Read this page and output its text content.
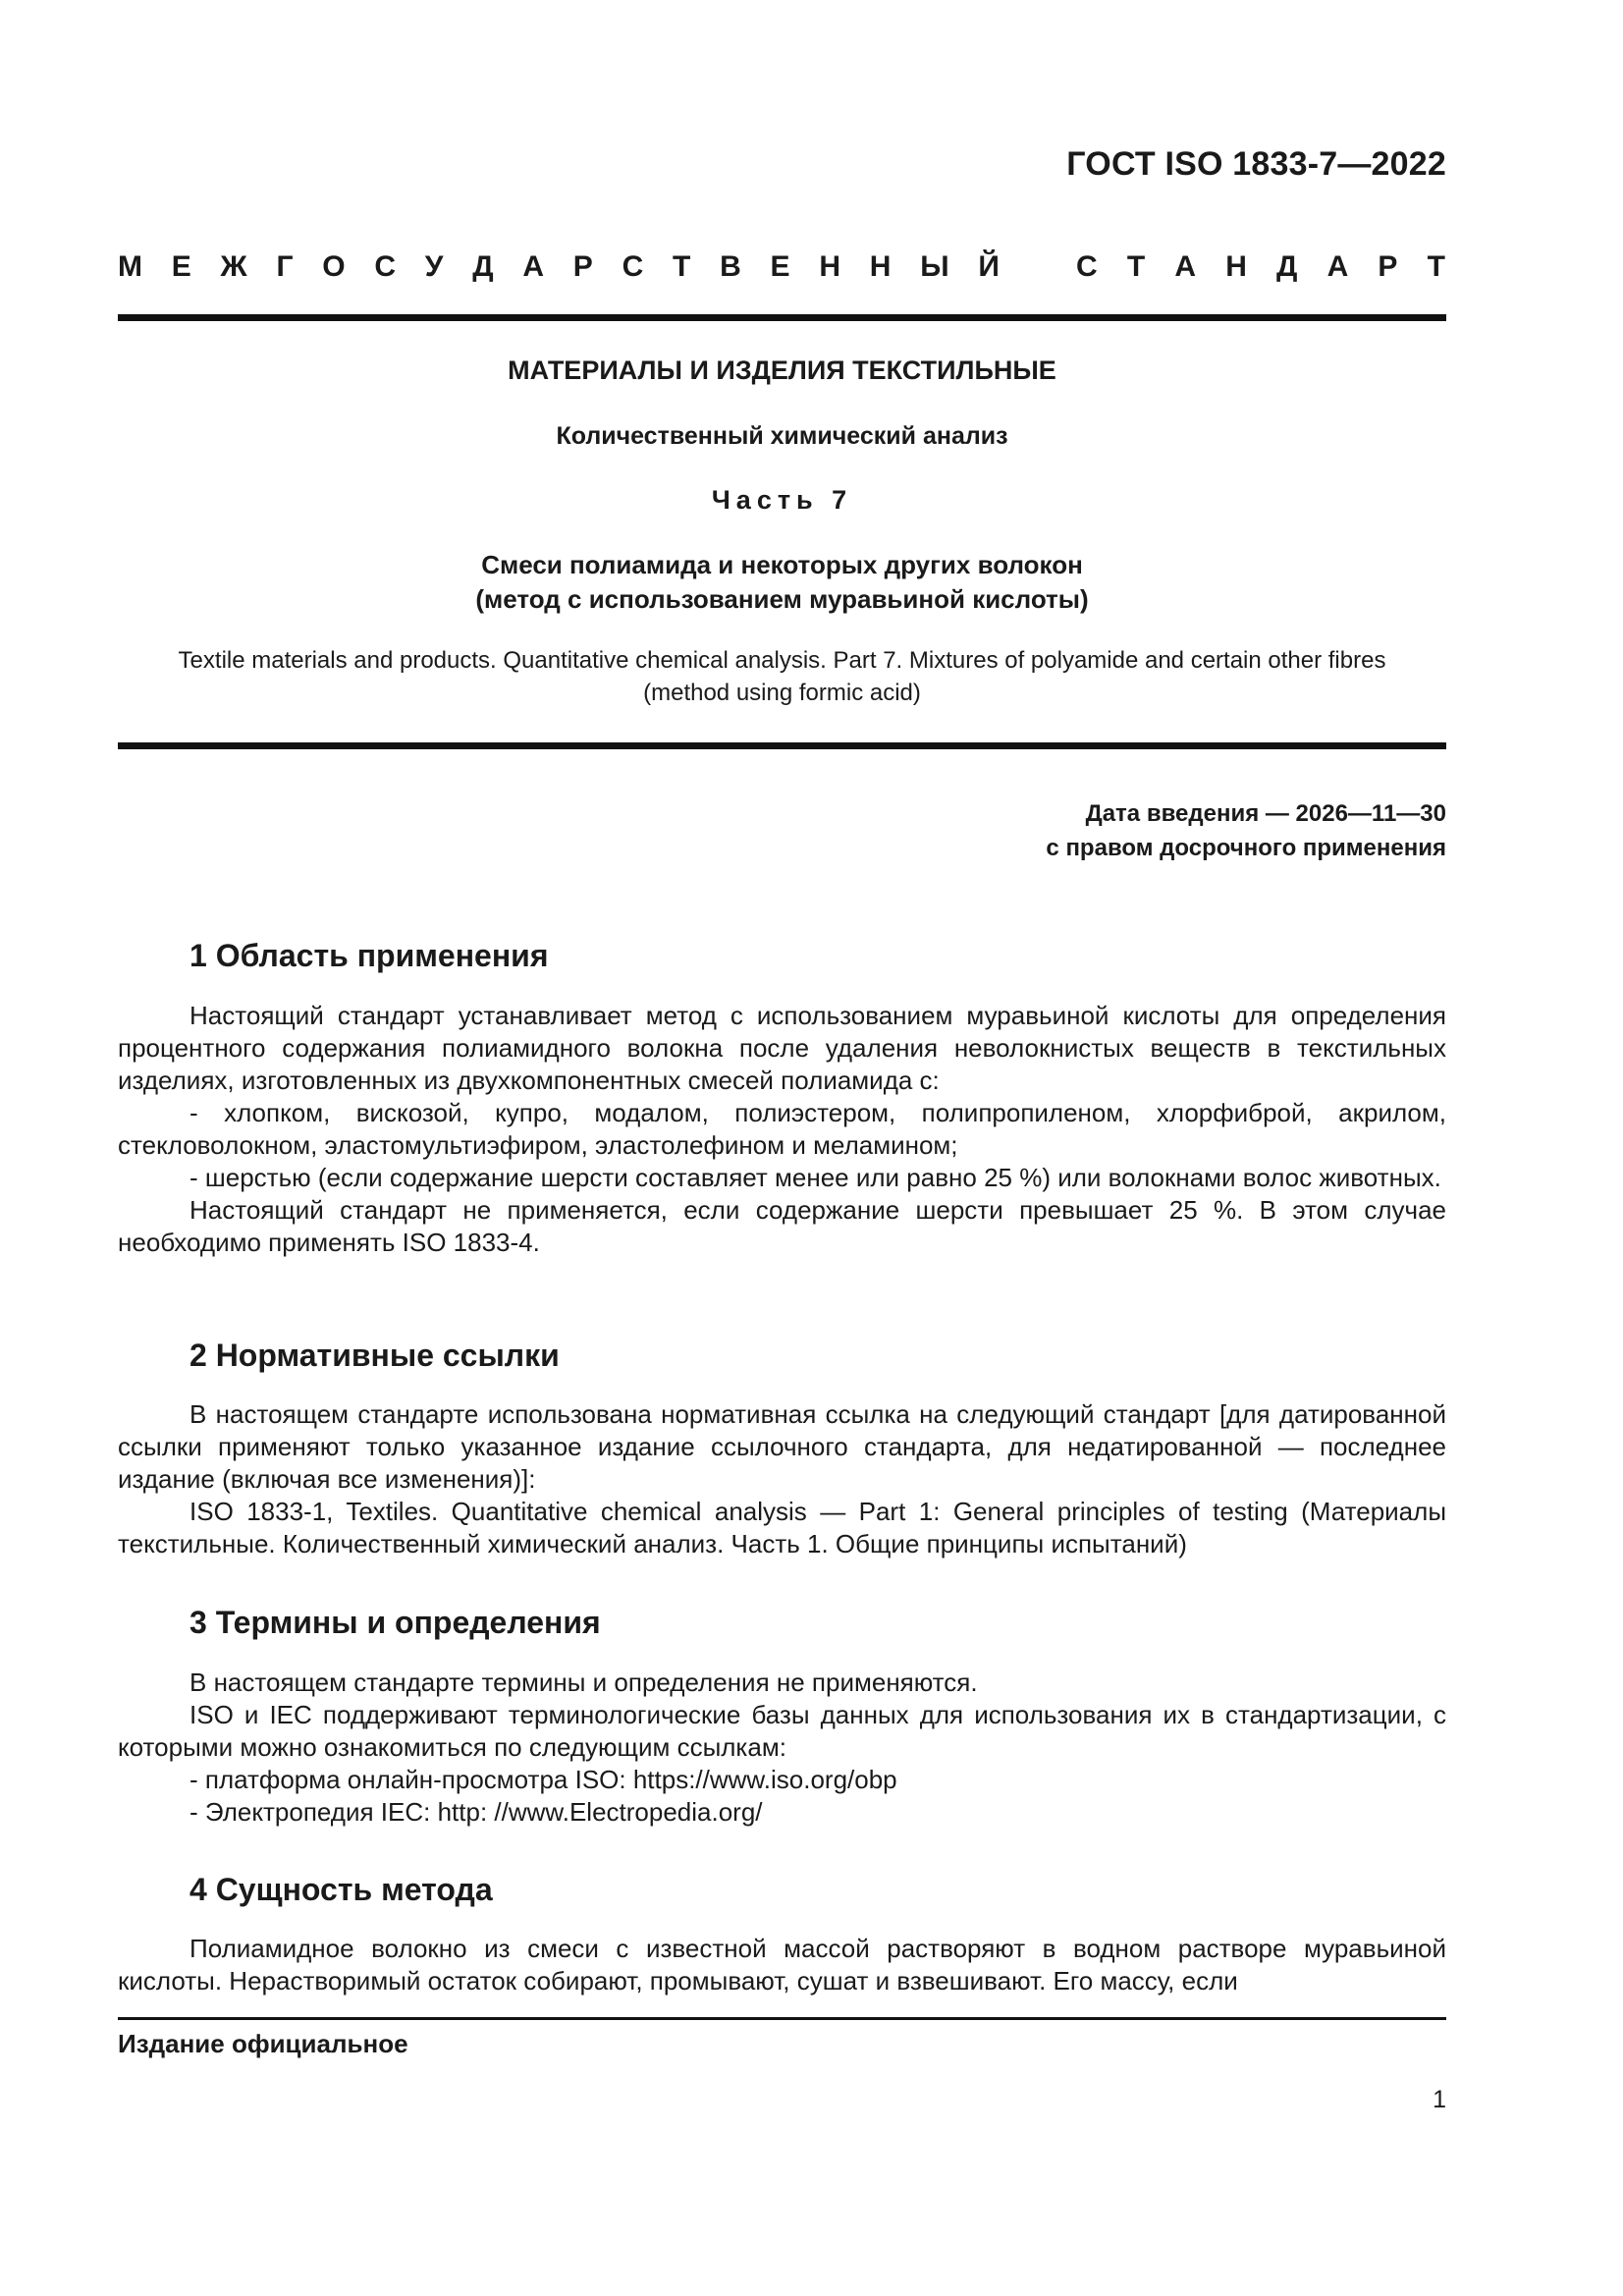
ГОСТ ISO 1833-7—2022
М Е Ж Г О С У Д А Р С Т В Е Н Н Ы Й	С Т А Н Д А Р Т
МАТЕРИАЛЫ И ИЗДЕЛИЯ ТЕКСТИЛЬНЫЕ
Количественный химический анализ
Часть 7
Смеси полиамида и некоторых других волокон
(метод с использованием муравьиной кислоты)
Textile materials and products. Quantitative chemical analysis. Part 7. Mixtures of polyamide and certain other fibres
(method using formic acid)
Дата введения — 2026—11—30
с правом досрочного применения
1 Область применения

Настоящий стандарт устанавливает метод с использованием муравьиной кислоты для определения процентного содержания полиамидного волокна после удаления неволокнистых веществ в текстильных изделиях, изготовленных из двухкомпонентных смесей полиамида с:

- хлопком, вискозой, купро, модалом, полиэстером, полипропиленом, хлорфиброй, акрилом, стекловолокном, эластомультиэфиром, эластолефином и меламином;

- шерстью (если содержание шерсти составляет менее или равно 25 %) или волокнами волос животных.

Настоящий стандарт не применяется, если содержание шерсти превышает 25 %. В этом случае необходимо применять ISO 1833-4.

2 Нормативные ссылки

В настоящем стандарте использована нормативная ссылка на следующий стандарт [для датированной ссылки применяют только указанное издание ссылочного стандарта, для недатированной — последнее издание (включая все изменения)]:

ISO 1833-1, Textiles. Quantitative chemical analysis — Part 1: General principles of testing (Материалы текстильные. Количественный химический анализ. Часть 1. Общие принципы испытаний)

3 Термины и определения

В настоящем стандарте термины и определения не применяются.

ISO и IEC поддерживают терминологические базы данных для использования их в стандартизации, с которыми можно ознакомиться по следующим ссылкам:

- платформа онлайн-просмотра ISO: https://www.iso.org/obp

- Электропедия IEC: http: //www.Electropedia.org/

4 Сущность метода

Полиамидное волокно из смеси с известной массой растворяют в водном растворе муравьиной кислоты. Нерастворимый остаток собирают, промывают, сушат и взвешивают. Его массу, если

Издание официальное
1
